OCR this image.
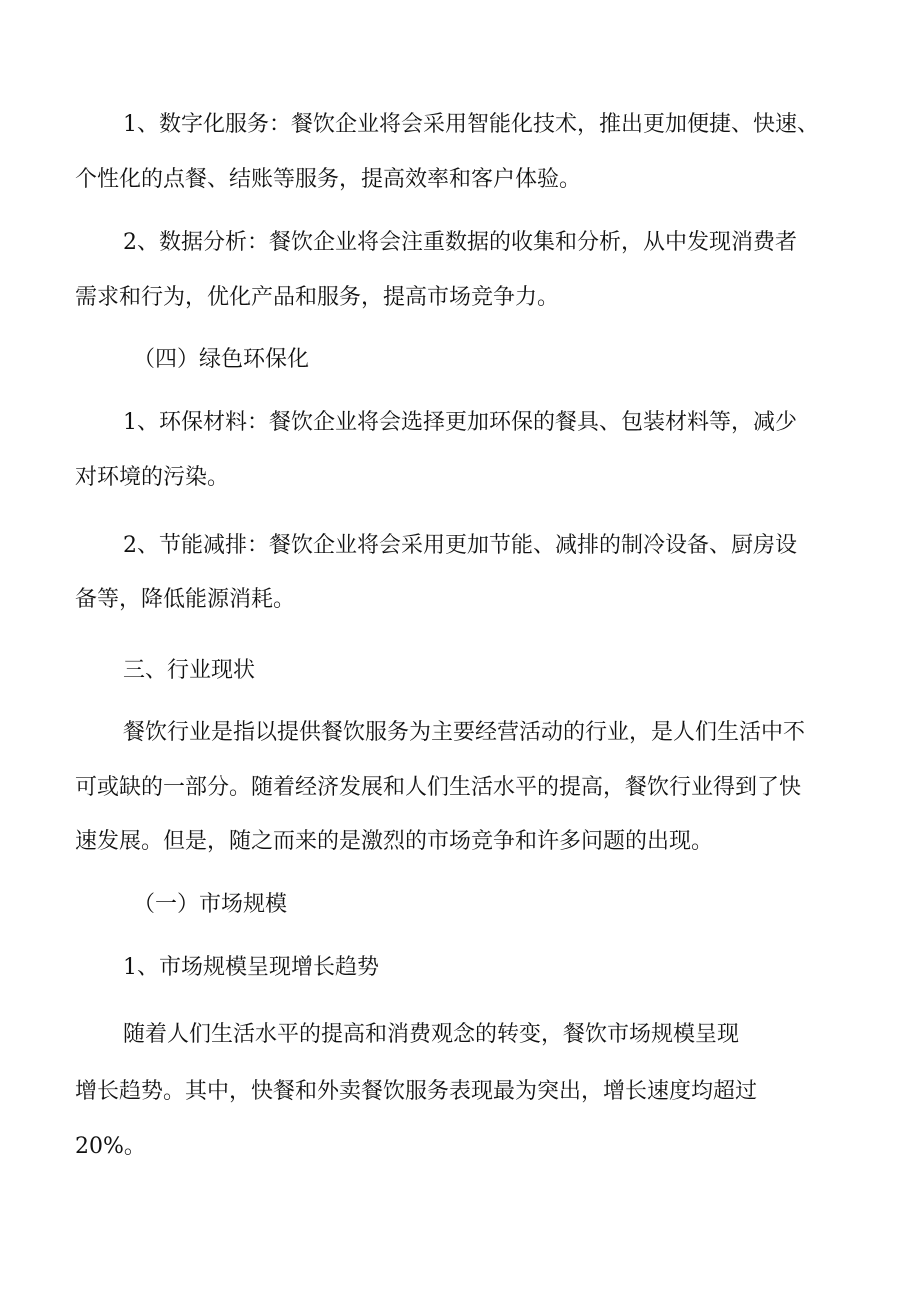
1、数字化服务：餐饮企业将会采用智能化技术，推出更加便捷、快速、
个性化的点餐、结账等服务，提高效率和客户体验。
2、数据分析：餐饮企业将会注重数据的收集和分析，从中发现消费者
需求和行为，优化产品和服务，提高市场竞争力。
（四）绿色环保化
1、环保材料：餐饮企业将会选择更加环保的餐具、包装材料等，减少
对环境的污染。
2、节能减排：餐饮企业将会采用更加节能、减排的制冷设备、厨房设
备等，降低能源消耗。
三、行业现状
餐饮行业是指以提供餐饮服务为主要经营活动的行业，是人们生活中不
可或缺的一部分。随着经济发展和人们生活水平的提高，餐饮行业得到了快
速发展。但是，随之而来的是激烈的市场竞争和许多问题的出现。
（一）市场规模
1、市场规模呈现增长趋势
随着人们生活水平的提高和消费观念的转变，餐饮市场规模呈现
增长趋势。其中，快餐和外卖餐饮服务表现最为突出，增长速度均超过
20%。
